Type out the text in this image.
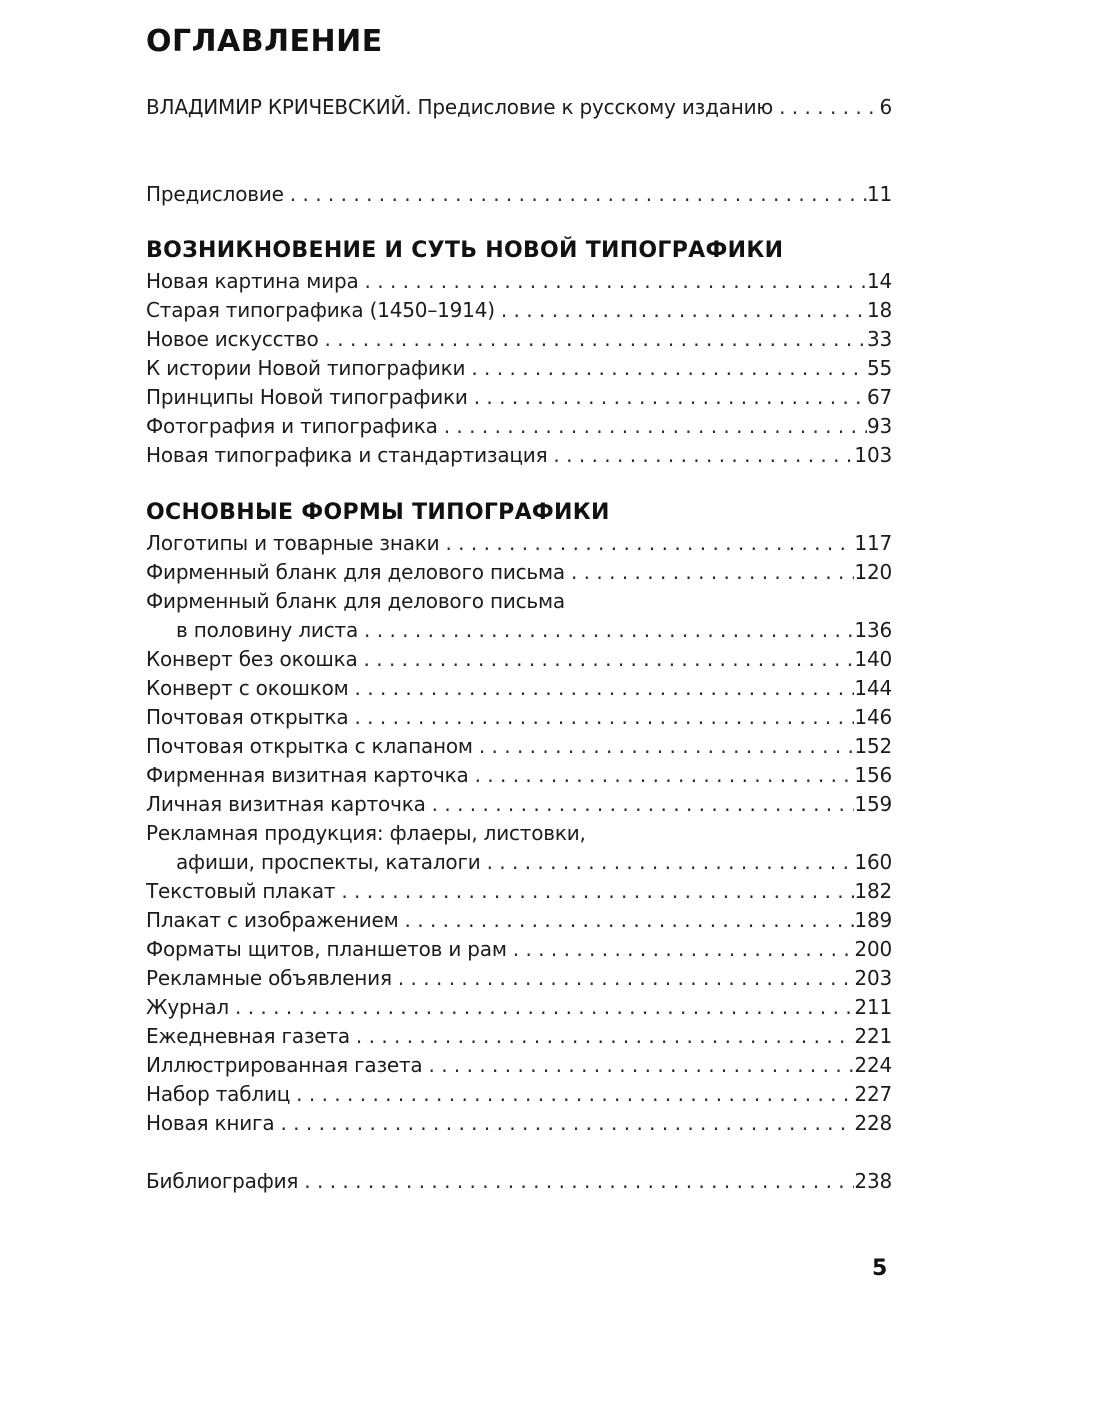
ОГЛАВЛЕНИЕ
ВЛАДИМИР КРИЧЕВСКИЙ. Предисловие к русскому изданию . . .	6
Предисловие . . .	11
ВОЗНИКНОВЕНИЕ И СУТЬ НОВОЙ ТИПОГРАФИКИ
Новая картина мира . . .	14
Старая типографика (1450–1914) . . .	18
Новое искусство . . .	33
К истории Новой типографики . . .	55
Принципы Новой типографики . . .	67
Фотография и типографика . . .	93
Новая типографика и стандартизация . . .	103
ОСНОВНЫЕ ФОРМЫ ТИПОГРАФИКИ
Логотипы и товарные знаки . . .	117
Фирменный бланк для делового письма . . .	120
Фирменный бланк для делового письма
в половину листа . . .	136
Конверт без окошка . . .	140
Конверт с окошком . . .	144
Почтовая открытка . . .	146
Почтовая открытка с клапаном . . .	152
Фирменная визитная карточка . . .	156
Личная визитная карточка . . .	159
Рекламная продукция: флаеры, листовки,
афиши, проспекты, каталоги . . .	160
Текстовый плакат . . .	182
Плакат с изображением . . .	189
Форматы щитов, планшетов и рам . . .	200
Рекламные объявления . . .	203
Журнал . . .	211
Ежедневная газета . . .	221
Иллюстрированная газета . . .	224
Набор таблиц . . .	227
Новая книга . . .	228
Библиография . . .	238
5
